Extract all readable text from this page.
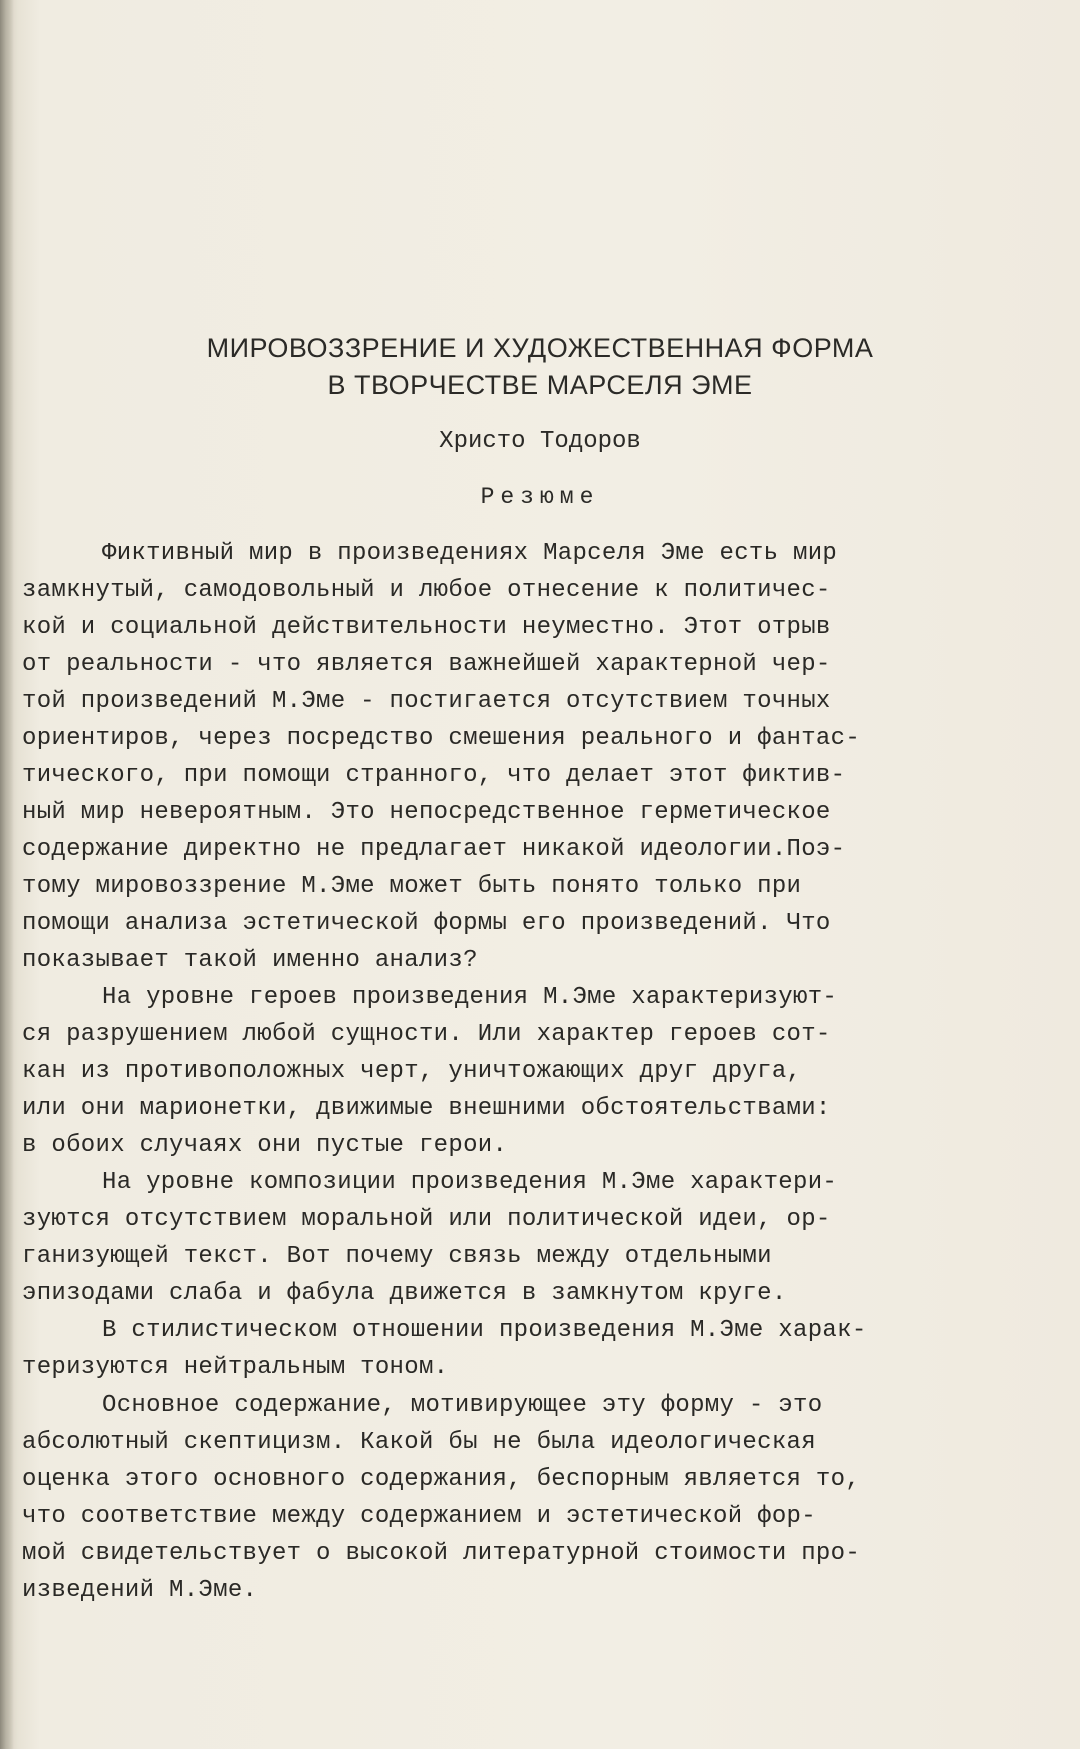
МИРОВОЗЗРЕНИЕ И ХУДОЖЕСТВЕННАЯ ФОРМА
В ТВОРЧЕСТВЕ МАРСЕЛЯ ЭМЕ
Христо Тодоров
Резюме
Фиктивный мир в произведениях Марселя Эме есть мир
замкнутый, самодовольный и любое отнесение к политичес-
кой и социальной действительности неуместно. Этот отрыв
от реальности - что является важнейшей характерной чер-
той произведений М.Эме - постигается отсутствием точных
ориентиров, через посредство смешения реального и фантас-
тического, при помощи странного, что делает этот фиктив-
ный мир невероятным. Это непосредственное герметическое
содержание директно не предлагает никакой идеологии.Поэ-
тому мировоззрение М.Эме может быть понято только при
помощи анализа эстетической формы его произведений. Что
показывает такой именно анализ?
На уровне героев произведения М.Эме характеризуют-
ся разрушением любой сущности. Или характер героев сот-
кан из противоположных черт, уничтожающих друг друга,
или они марионетки, движимые внешними обстоятельствами:
в обоих случаях они пустые герои.
На уровне композиции произведения М.Эме характери-
зуются отсутствием моральной или политической идеи, ор-
ганизующей текст. Вот почему связь между отдельными
эпизодами слаба и фабула движется в замкнутом круге.
В стилистическом отношении произведения М.Эме харак-
теризуются нейтральным тоном.
Основное содержание, мотивирующее эту форму - это
абсолютный скептицизм. Какой бы не была идеологическая
оценка этого основного содержания, беспорным является то,
что соответствие между содержанием и эстетической фор-
мой свидетельствует о высокой литературной стоимости про-
изведений М.Эме.
